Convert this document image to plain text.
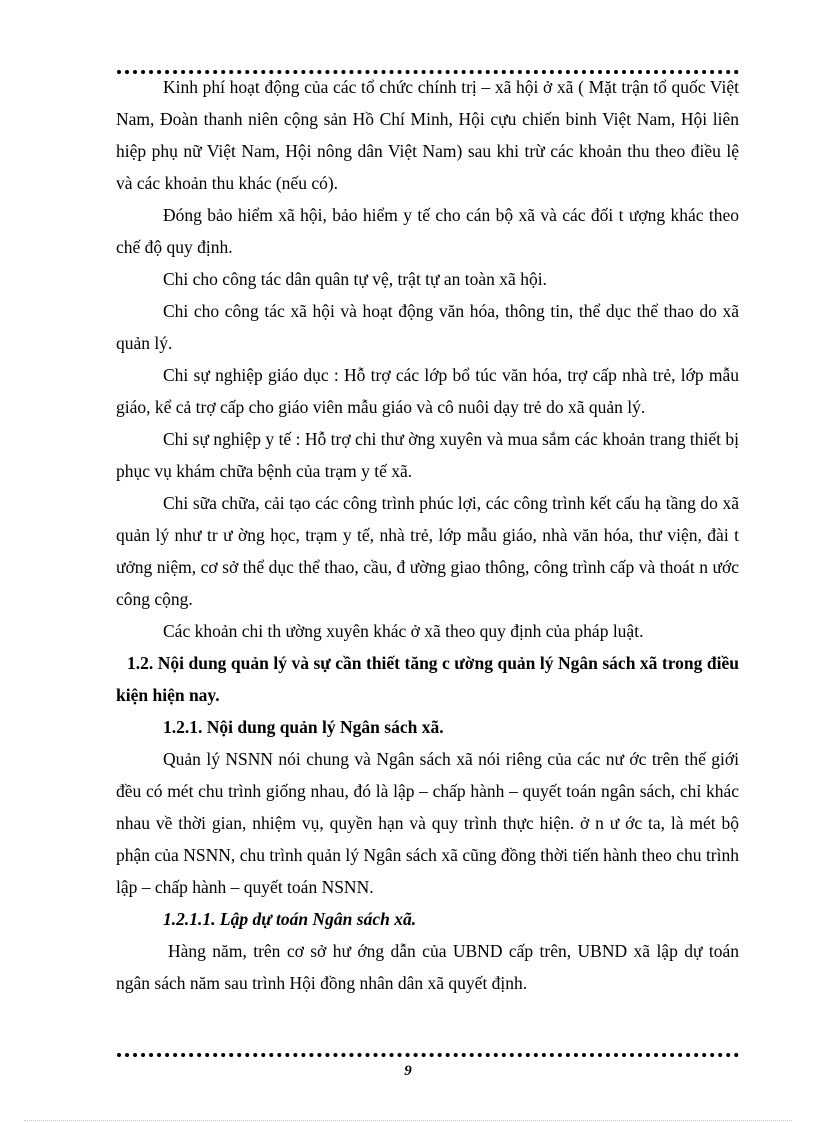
Kinh phí hoạt động của các tổ chức chính trị – xã hội ở xã ( Mặt trận tổ quốc Việt Nam, Đoàn thanh niên cộng sản Hồ Chí Minh, Hội cựu chiến binh Việt Nam, Hội liên hiệp phụ nữ Việt Nam, Hội nông dân Việt Nam) sau khi trừ các khoản thu theo điều lệ và các khoản thu khác (nếu có).

Đóng bảo hiểm xã hội, bảo hiểm y tế cho cán bộ xã và các đối t ượng khác theo chế độ quy định.

Chi cho công tác dân quân tự vệ, trật tự an toàn xã hội.

Chi cho công tác xã hội và hoạt động văn hóa, thông tin, thể dục thể thao do xã quản lý.

Chi sự nghiệp giáo dục : Hỗ trợ các lớp bổ túc văn hóa, trợ cấp nhà trẻ, lớp mẫu giáo, kể cả trợ cấp cho giáo viên mẫu giáo và cô nuôi dạy trẻ do xã quản lý.

Chi sự nghiệp y tế : Hỗ trợ chi thư ờng xuyên và mua sắm các khoản trang thiết bị phục vụ khám chữa bệnh của trạm y tế xã.

Chi sữa chữa, cải tạo các công trình phúc lợi, các công trình kết cấu hạ tầng do xã quản lý như tr ư ờng học, trạm y tế, nhà trẻ, lớp mẫu giáo, nhà văn hóa, thư viện, đài t ưởng niệm, cơ sở thể dục thể thao, cầu, đ ường giao thông, công trình cấp và thoát n ước công cộng.

Các khoản chi th ường xuyên khác ở xã theo quy định của pháp luật.

1.2. Nội dung quản lý và sự cần thiết tăng c ường quản lý Ngân sách xã trong điều kiện hiện nay.

1.2.1. Nội dung quản lý Ngân sách xã.

Quản lý NSNN nói chung và Ngân sách xã nói riêng của các nư ớc trên thế giới đều có mét chu trình giống nhau, đó là lập – chấp hành – quyết toán ngân sách, chỉ khác nhau về thời gian, nhiệm vụ, quyền hạn và quy trình thực hiện. ở n ư ớc ta, là mét bộ phận của NSNN, chu trình quản lý Ngân sách xã cũng đồng thời tiến hành theo chu trình lập – chấp hành – quyết toán NSNN.

1.2.1.1. Lập dự toán Ngân sách xã.

Hàng năm, trên cơ sở hư ớng dẫn của UBND cấp trên, UBND xã lập dự toán ngân sách năm sau trình Hội đồng nhân dân xã quyết định.

9
